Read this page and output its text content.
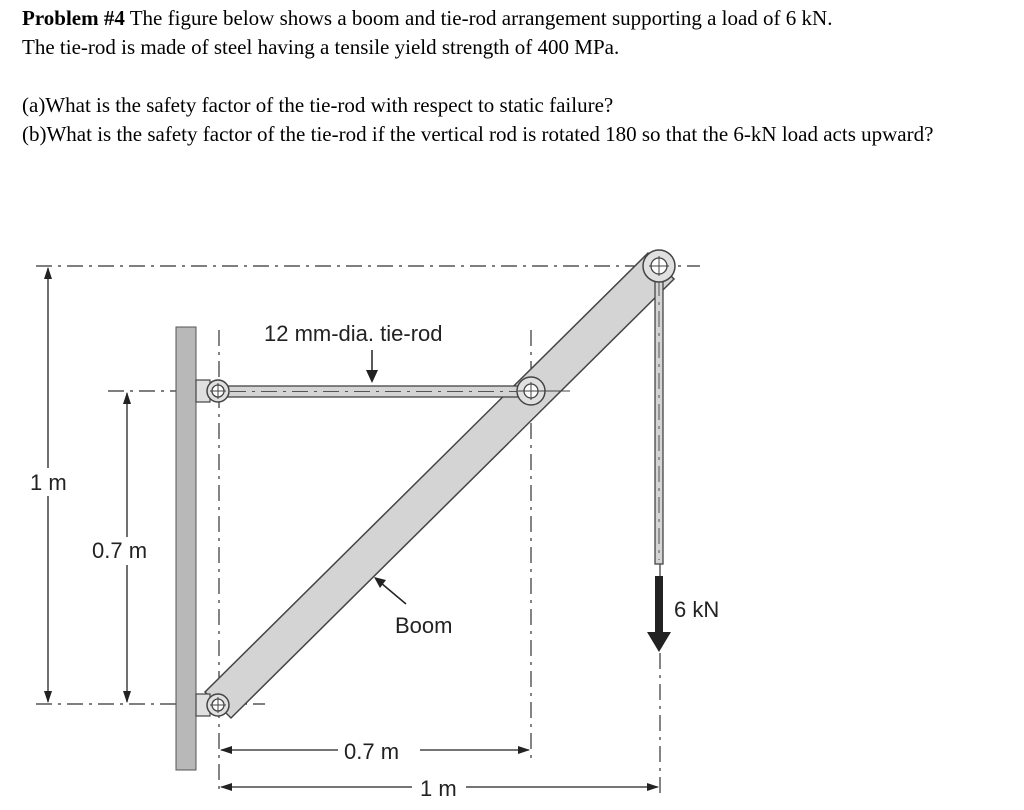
Problem #4 The figure below shows a boom and tie-rod arrangement supporting a load of 6 kN.

The tie-rod is made of steel having a tensile yield strength of 400 MPa.

(a)What is the safety factor of the tie-rod with respect to static failure?

(b)What is the safety factor of the tie-rod if the vertical rod is rotated 180 so that the 6-kN load acts upward?

6 kN
12 mm-dia. tie-rod
Boom
1 m
0.7 m
0.7 m
1 m
